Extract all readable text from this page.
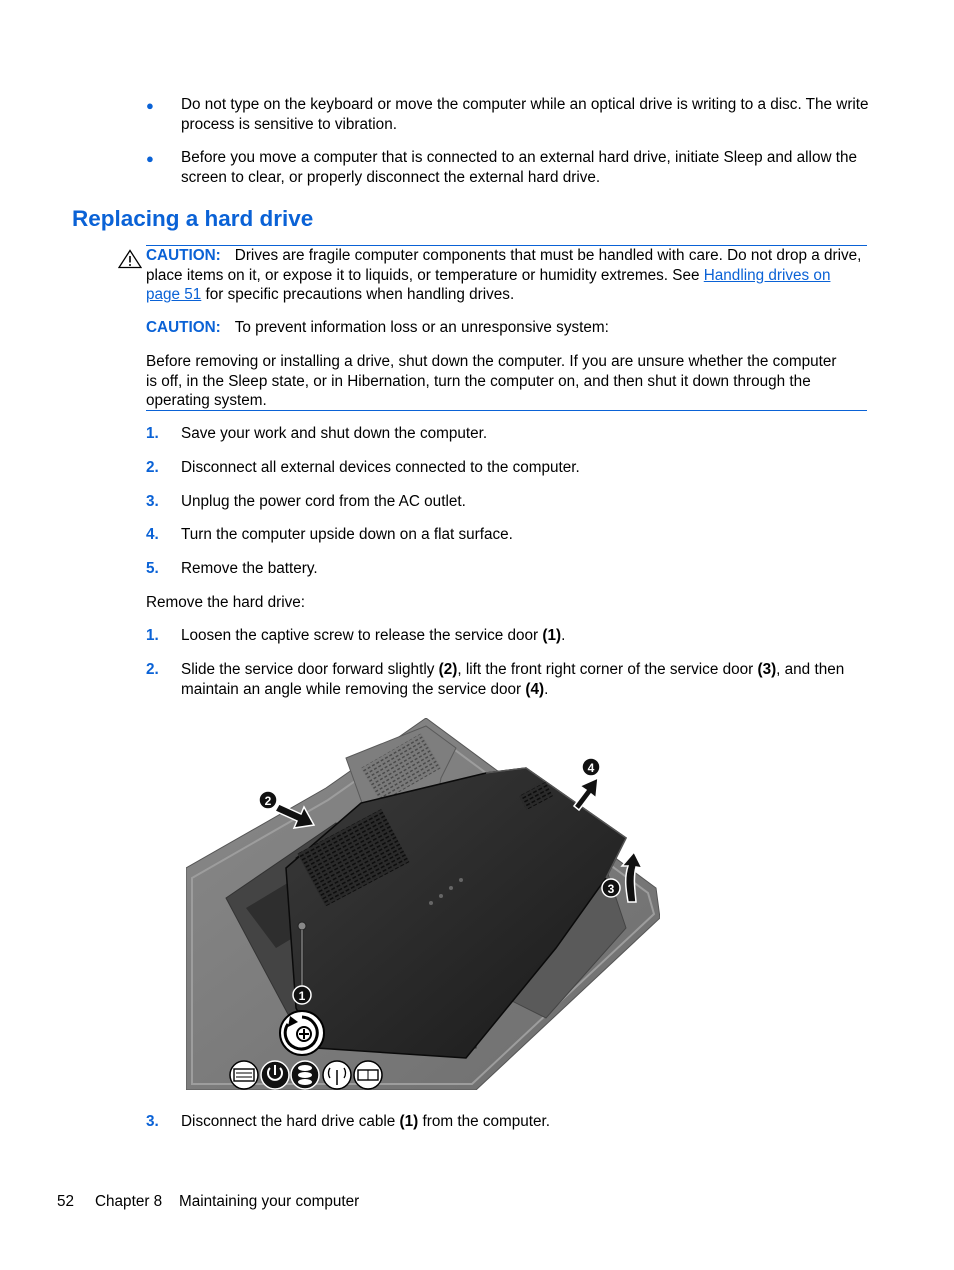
● Do not type on the keyboard or move the computer while an optical drive is writing to a disc. The write process is sensitive to vibration.
● Before you move a computer that is connected to an external hard drive, initiate Sleep and allow the screen to clear, or properly disconnect the external hard drive.
Replacing a hard drive
CAUTION: Drives are fragile computer components that must be handled with care. Do not drop a drive, place items on it, or expose it to liquids, or temperature or humidity extremes. See Handling drives on page 51 for specific precautions when handling drives.
CAUTION: To prevent information loss or an unresponsive system:
Before removing or installing a drive, shut down the computer. If you are unsure whether the computer is off, in the Sleep state, or in Hibernation, turn the computer on, and then shut it down through the operating system.
1. Save your work and shut down the computer.
2. Disconnect all external devices connected to the computer.
3. Unplug the power cord from the AC outlet.
4. Turn the computer upside down on a flat surface.
5. Remove the battery.
Remove the hard drive:
1. Loosen the captive screw to release the service door (1).
2. Slide the service door forward slightly (2), lift the front right corner of the service door (3), and then maintain an angle while removing the service door (4).
1
2
3
4
3. Disconnect the hard drive cable (1) from the computer.
52 Chapter 8 Maintaining your computer
